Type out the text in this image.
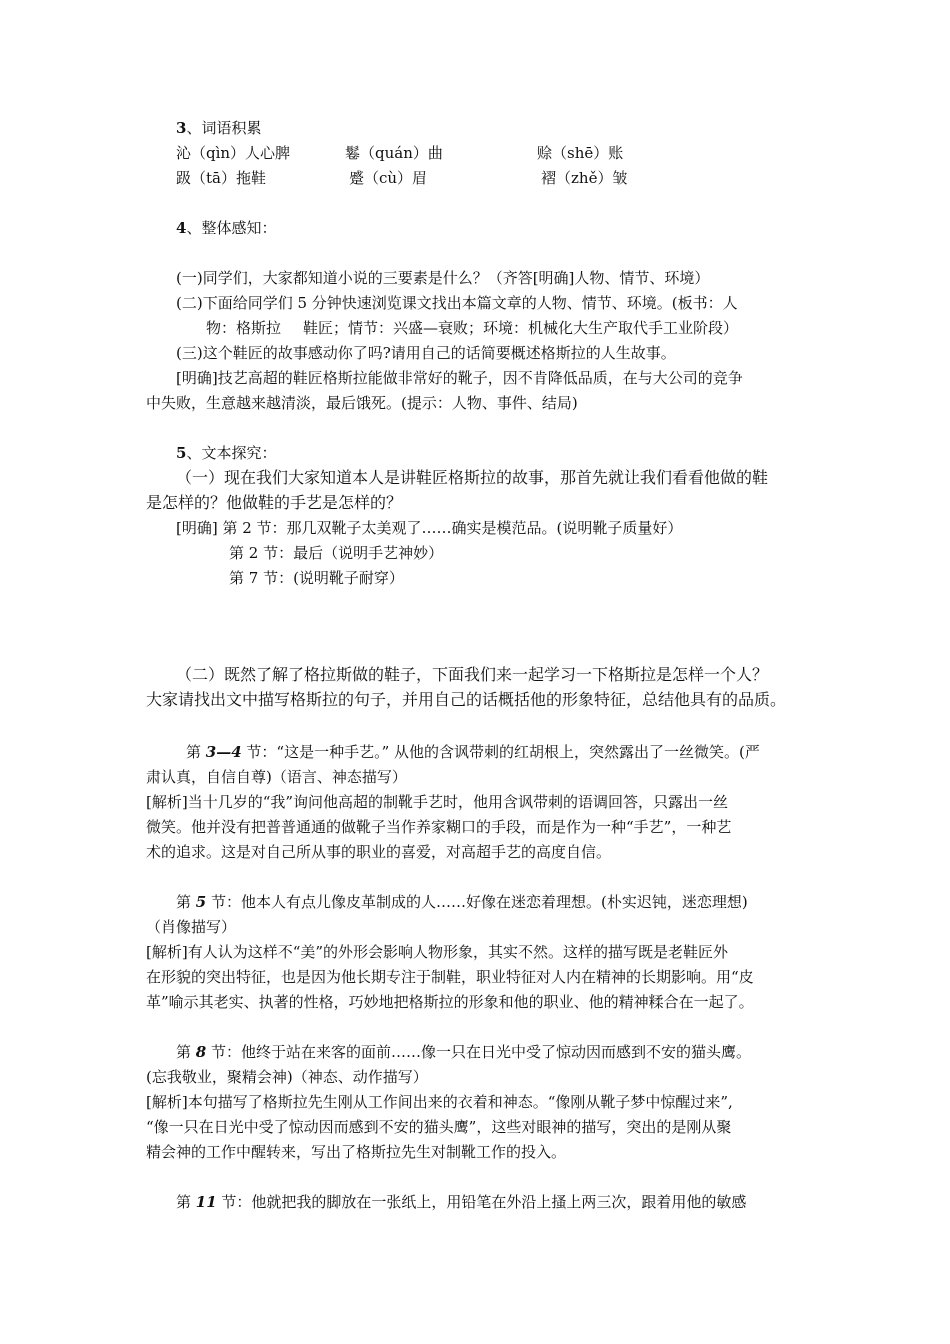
3、词语积累
沁（qìn）人心脾	鬈（quán）曲	赊（shē）账
趿（tā）拖鞋	蹙（cù）眉	褶（zhě）皱
4、整体感知：
(一)同学们，大家都知道小说的三要素是什么？（齐答[明确]人物、情节、环境）
(二)下面给同学们 5 分钟快速浏览课文找出本篇文章的人物、情节、环境。(板书：人
物：格斯拉 鞋匠；情节：兴盛—衰败；环境：机械化大生产取代手工业阶段）
(三)这个鞋匠的故事感动你了吗?请用自己的话简要概述格斯拉的人生故事。
[明确]技艺高超的鞋匠格斯拉能做非常好的靴子，因不肯降低品质，在与大公司的竞争
中失败，生意越来越清淡，最后饿死。(提示：人物、事件、结局)
5、文本探究：
（一）现在我们大家知道本人是讲鞋匠格斯拉的故事，那首先就让我们看看他做的鞋
是怎样的？他做鞋的手艺是怎样的？
[明确] 第 2 节：那几双靴子太美观了……确实是模范品。(说明靴子质量好）
第 2 节：最后（说明手艺神妙）
第 7 节：(说明靴子耐穿）
（二）既然了解了格拉斯做的鞋子，下面我们来一起学习一下格斯拉是怎样一个人？
大家请找出文中描写格斯拉的句子，并用自己的话概括他的形象特征，总结他具有的品质。
第 3—4 节：“这是一种手艺。” 从他的含讽带刺的红胡根上，突然露出了一丝微笑。(严
肃认真，自信自尊)（语言、神态描写）
[解析]当十几岁的“我”询问他高超的制靴手艺时，他用含讽带刺的语调回答，只露出一丝
微笑。他并没有把普普通通的做靴子当作养家糊口的手段，而是作为一种“手艺”，一种艺
术的追求。这是对自己所从事的职业的喜爱，对高超手艺的高度自信。
第 5 节：他本人有点儿像皮革制成的人……好像在迷恋着理想。(朴实迟钝，迷恋理想)
（肖像描写）
[解析]有人认为这样不“美”的外形会影响人物形象，其实不然。这样的描写既是老鞋匠外
在形貌的突出特征，也是因为他长期专注于制鞋，职业特征对人内在精神的长期影响。用“皮
革”喻示其老实、执著的性格，巧妙地把格斯拉的形象和他的职业、他的精神糅合在一起了。
第 8 节：他终于站在来客的面前……像一只在日光中受了惊动因而感到不安的猫头鹰。
(忘我敬业，聚精会神)（神态、动作描写）
[解析]本句描写了格斯拉先生刚从工作间出来的衣着和神态。“像刚从靴子梦中惊醒过来”,
“像一只在日光中受了惊动因而感到不安的猫头鹰”，这些对眼神的描写，突出的是刚从聚
精会神的工作中醒转来，写出了格斯拉先生对制靴工作的投入。
第 11 节：他就把我的脚放在一张纸上，用铅笔在外沿上搔上两三次，跟着用他的敏感
